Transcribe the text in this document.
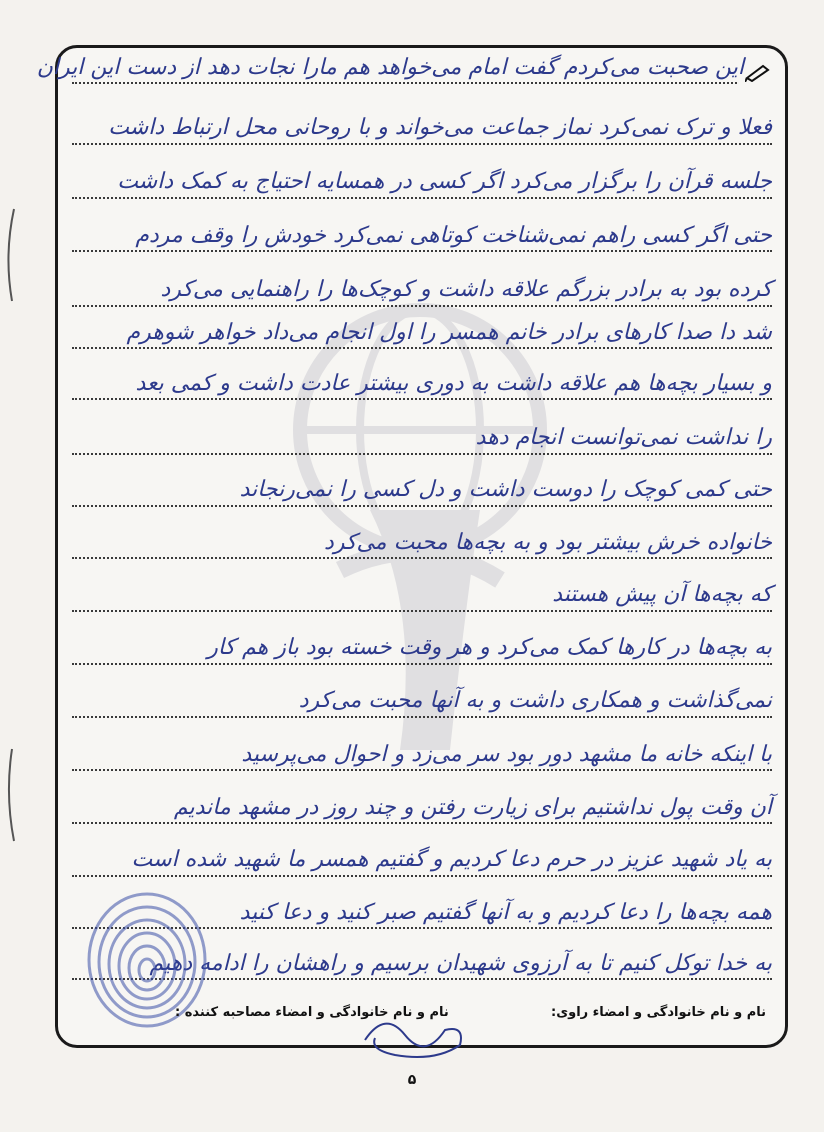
این صحبت می‌کردم گفت امام می‌خواهد هم مارا نجات دهد از دست این ایران
فعلا و ترک نمی‌کرد نماز جماعت می‌خواند و با روحانی محل ارتباط داشت
جلسه قرآن را برگزار می‌کرد اگر کسی در همسایه احتیاج به کمک داشت
حتی اگر کسی راهم نمی‌شناخت کوتاهی نمی‌کرد خودش را وقف مردم
کرده بود به برادر بزرگم علاقه داشت و کوچک‌ها را راهنمایی می‌کرد
شد دا صدا کارهای برادر خانم همسر را اول انجام می‌داد خواهر شوهرم
و بسیار بچه‌ها هم علاقه داشت به دوری بیشتر عادت داشت و کمی بعد
را نداشت نمی‌توانست انجام دهد
حتی کمی کوچک را دوست داشت و دل کسی را نمی‌رنجاند
خانواده خرش بیشتر بود و به بچه‌ها محبت می‌کرد
که بچه‌ها آن پیش هستند
به بچه‌ها در کارها کمک می‌کرد و هر وقت خسته بود باز هم کار
نمی‌گذاشت و همکاری داشت و به آنها محبت می‌کرد
با اینکه خانه ما مشهد دور بود سر می‌زد و احوال می‌پرسید
آن وقت پول نداشتیم برای زیارت رفتن و چند روز در مشهد ماندیم
به یاد شهید عزیز در حرم دعا کردیم و گفتیم همسر ما شهید شده است
همه بچه‌ها را دعا کردیم و به آنها گفتیم صبر کنید و دعا کنید
به خدا توکل کنیم تا به آرزوی شهیدان برسیم و راهشان را ادامه دهیم
نام و نام خانوادگی و امضاء راوی:
نام و نام خانوادگی و امضاء مصاحبه کننده :
۵
